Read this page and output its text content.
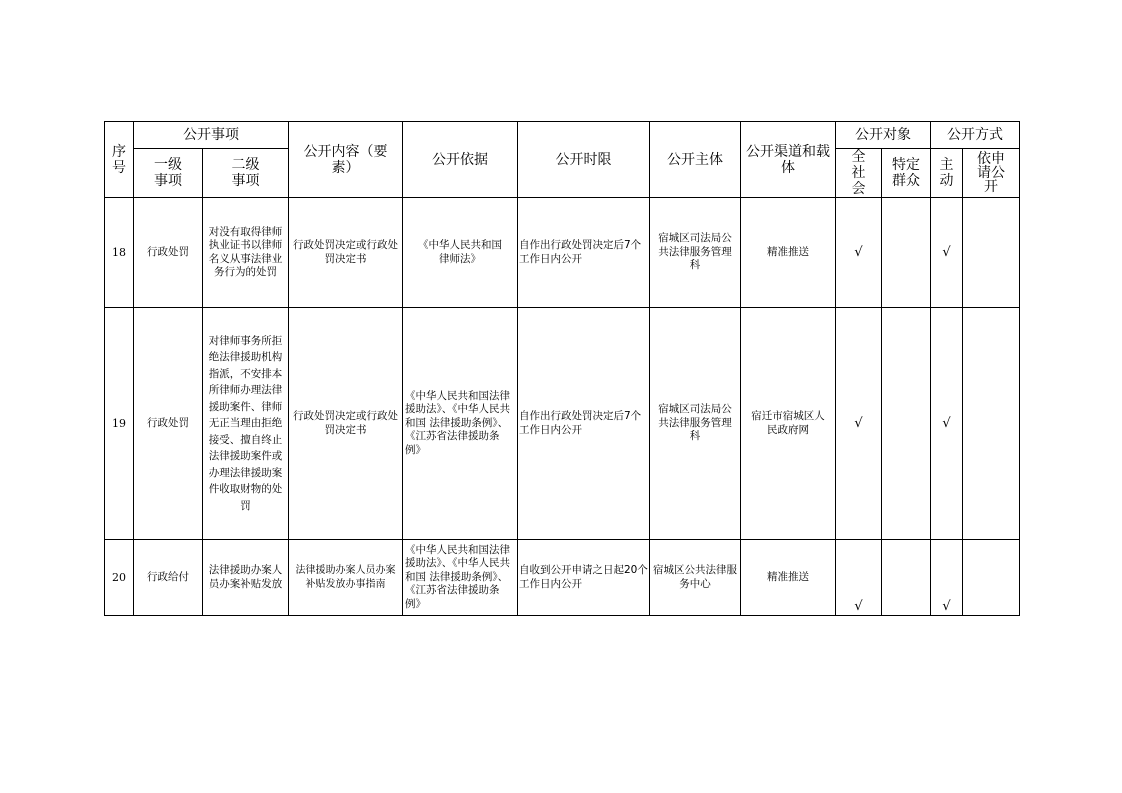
序号	公开事项		公开内容（要素）	公开依据	公开时限	公开主体	公开渠道和载体	公开对象		公开方式	

	一级事项	二级事项						全社会	特定群众	主动	依申请公开

18	行政处罚	对没有取得律师执业证书以律师名义从事法律业务行为的处罚	行政处罚决定或行政处罚决定书	《中华人民共和国律师法》	自作出行政处罚决定后7个工作日内公开	宿城区司法局公共法律服务管理科	精准推送	√		√	
19	行政处罚	对律师事务所拒绝法律援助机构指派，不安排本所律师办理法律援助案件、律师无正当理由拒绝接受、擅自终止法律援助案件或办理法律援助案件收取财物的处罚	行政处罚决定或行政处罚决定书	《中华人民共和国法律援助法》、《中华人民共和国 法律援助条例》、 《江苏省法律援助条例》	自作出行政处罚决定后7个工作日内公开	宿城区司法局公共法律服务管理科	宿迁市宿城区人民政府网	√		√	
20	行政给付	法律援助办案人员办案补贴发放	法律援助办案人员办案补贴发放办事指南	《中华人民共和国法律援助法》、《中华人民共和国 法律援助条例》、 《江苏省法律援助条例》	自收到公开申请之日起20个工作日内公开	宿城区公共法律服务中心	精准推送	√		√	
